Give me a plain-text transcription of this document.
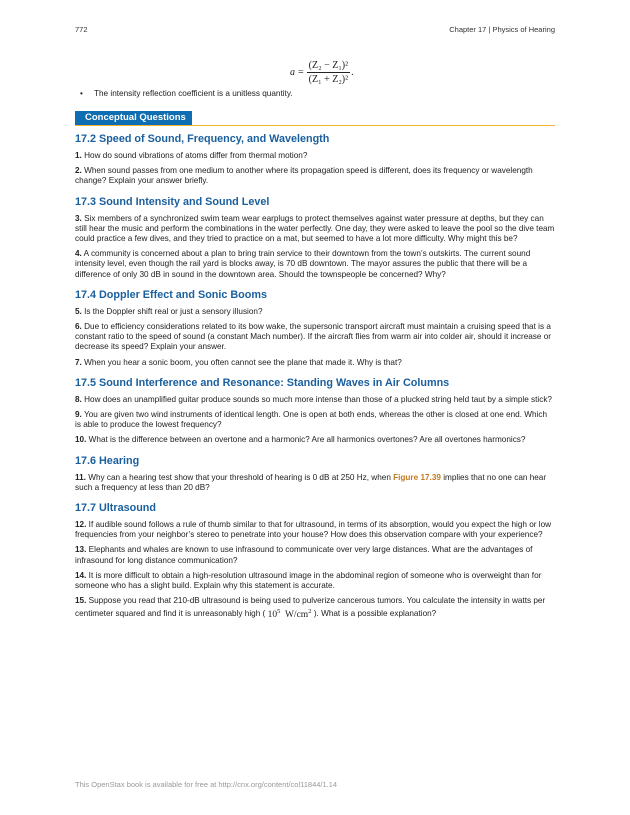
772	Chapter 17 | Physics of Hearing
$a = \frac{\text{(Z₂ − Z₁)²}}{\text{(Z₁ + Z₂)²}}$ .
• The intensity reflection coefficient is a unitless quantity.
Conceptual Questions
17.2 Speed of Sound, Frequency, and Wavelength

1. How do sound vibrations of atoms differ from thermal motion?

2. When sound passes from one medium to another where its propagation speed is different, does its frequency or wavelength change? Explain your answer briefly.

17.3 Sound Intensity and Sound Level

3. Six members of a synchronized swim team wear earplugs to protect themselves against water pressure at depths, but they can still hear the music and perform the combinations in the water perfectly. One day, they were asked to leave the pool so the dive team could practice a few dives, and they tried to practice on a mat, but seemed to have a lot more difficulty. Why might this be?

4. A community is concerned about a plan to bring train service to their downtown from the town’s outskirts. The current sound intensity level, even though the rail yard is blocks away, is 70 dB downtown. The mayor assures the public that there will be a difference of only 30 dB in sound in the downtown area. Should the townspeople be concerned? Why?

17.4 Doppler Effect and Sonic Booms

5. Is the Doppler shift real or just a sensory illusion?

6. Due to efficiency considerations related to its bow wake, the supersonic transport aircraft must maintain a cruising speed that is a constant ratio to the speed of sound (a constant Mach number). If the aircraft flies from warm air into colder air, should it increase or decrease its speed? Explain your answer.

7. When you hear a sonic boom, you often cannot see the plane that made it. Why is that?

17.5 Sound Interference and Resonance: Standing Waves in Air Columns

8. How does an unamplified guitar produce sounds so much more intense than those of a plucked string held taut by a simple stick?

9. You are given two wind instruments of identical length. One is open at both ends, whereas the other is closed at one end. Which is able to produce the lowest frequency?

10. What is the difference between an overtone and a harmonic? Are all harmonics overtones? Are all overtones harmonics?

17.6 Hearing

11. Why can a hearing test show that your threshold of hearing is 0 dB at 250 Hz, when Figure 17.39 implies that no one can hear such a frequency at less than 20 dB?

17.7 Ultrasound

12. If audible sound follows a rule of thumb similar to that for ultrasound, in terms of its absorption, would you expect the high or low frequencies from your neighbor’s stereo to penetrate into your house? How does this observation compare with your experience?

13. Elephants and whales are known to use infrasound to communicate over very large distances. What are the advantages of infrasound for long distance communication?

14. It is more difficult to obtain a high-resolution ultrasound image in the abdominal region of someone who is overweight than for someone who has a slight build. Explain why this statement is accurate.

15. Suppose you read that 210-dB ultrasound is being used to pulverize cancerous tumors. You calculate the intensity in watts per centimeter squared and find it is unreasonably high ( $10^5$ $W/cm^2$ ). What is a possible explanation?

This OpenStax book is available for free at http://cnx.org/content/col11844/1.14
